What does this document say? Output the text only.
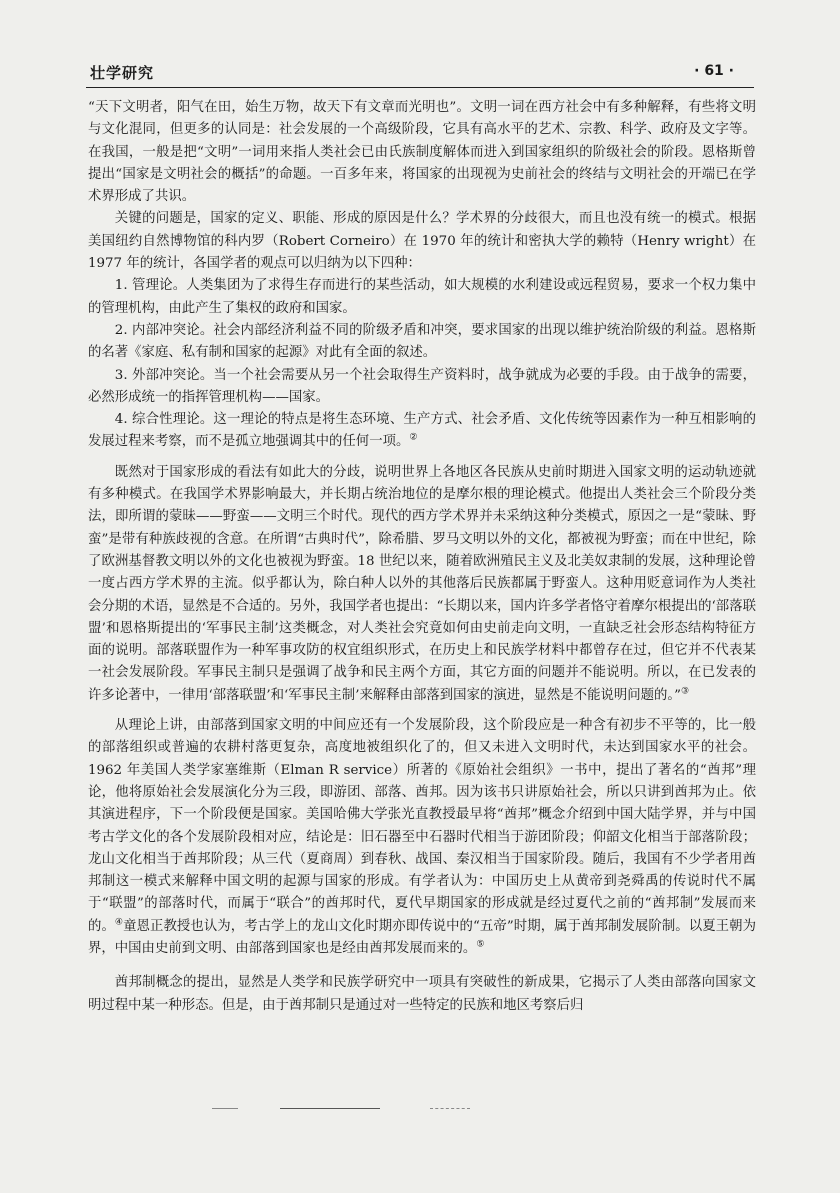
壮学研究	· 61 ·

“天下文明者，阳气在田，始生万物，故天下有文章而光明也”。文明一词在西方社会中有多种解释，有些将文明与文化混同，但更多的认同是：社会发展的一个高级阶段，它具有高水平的艺术、宗教、科学、政府及文字等。在我国，一般是把“文明”一词用来指人类社会已由氏族制度解体而进入到国家组织的阶级社会的阶段。恩格斯曾提出“国家是文明社会的概括”的命题。一百多年来，将国家的出现视为史前社会的终结与文明社会的开端已在学术界形成了共识。

关键的问题是，国家的定义、职能、形成的原因是什么？学术界的分歧很大，而且也没有统一的模式。根据美国纽约自然博物馆的科内罗（Robert Corneiro）在 1970 年的统计和密执大学的赖特（Henry wright）在 1977 年的统计，各国学者的观点可以归纳为以下四种：

1. 管理论。人类集团为了求得生存而进行的某些活动，如大规模的水利建设或远程贸易，要求一个权力集中的管理机构，由此产生了集权的政府和国家。

2. 内部冲突论。社会内部经济利益不同的阶级矛盾和冲突，要求国家的出现以维护统治阶级的利益。恩格斯的名著《家庭、私有制和国家的起源》对此有全面的叙述。

3. 外部冲突论。当一个社会需要从另一个社会取得生产资料时，战争就成为必要的手段。由于战争的需要，必然形成统一的指挥管理机构——国家。

4. 综合性理论。这一理论的特点是将生态环境、生产方式、社会矛盾、文化传统等因素作为一种互相影响的发展过程来考察，而不是孤立地强调其中的任何一项。②

既然对于国家形成的看法有如此大的分歧，说明世界上各地区各民族从史前时期进入国家文明的运动轨迹就有多种模式。在我国学术界影响最大，并长期占统治地位的是摩尔根的理论模式。他提出人类社会三个阶段分类法，即所谓的蒙昧——野蛮——文明三个时代。现代的西方学术界并未采纳这种分类模式，原因之一是“蒙昧、野蛮”是带有种族歧视的含意。在所谓“古典时代”，除希腊、罗马文明以外的文化，都被视为野蛮；而在中世纪，除了欧洲基督教文明以外的文化也被视为野蛮。18 世纪以来，随着欧洲殖民主义及北美奴隶制的发展，这种理论曾一度占西方学术界的主流。似乎都认为，除白种人以外的其他落后民族都属于野蛮人。这种用贬意词作为人类社会分期的术语，显然是不合适的。另外，我国学者也提出：“长期以来，国内许多学者恪守着摩尔根提出的‘部落联盟’和恩格斯提出的‘军事民主制’这类概念，对人类社会究竟如何由史前走向文明，一直缺乏社会形态结构特征方面的说明。部落联盟作为一种军事攻防的权宜组织形式，在历史上和民族学材料中都曾存在过，但它并不代表某一社会发展阶段。军事民主制只是强调了战争和民主两个方面，其它方面的问题并不能说明。所以，在已发表的许多论著中，一律用‘部落联盟’和‘军事民主制’来解释由部落到国家的演进，显然是不能说明问题的。”③

从理论上讲，由部落到国家文明的中间应还有一个发展阶段，这个阶段应是一种含有初步不平等的，比一般的部落组织或普遍的农耕村落更复杂，高度地被组织化了的，但又未进入文明时代，未达到国家水平的社会。1962 年美国人类学家塞维斯（Elman R service）所著的《原始社会组织》一书中，提出了著名的“酋邦”理论，他将原始社会发展演化分为三段，即游团、部落、酋邦。因为该书只讲原始社会，所以只讲到酋邦为止。依其演进程序，下一个阶段便是国家。美国哈佛大学张光直教授最早将“酋邦”概念介绍到中国大陆学界，并与中国考古学文化的各个发展阶段相对应，结论是：旧石器至中石器时代相当于游团阶段；仰韶文化相当于部落阶段；龙山文化相当于酋邦阶段；从三代（夏商周）到春秋、战国、秦汉相当于国家阶段。随后，我国有不少学者用酋邦制这一模式来解释中国文明的起源与国家的形成。有学者认为：中国历史上从黄帝到尧舜禹的传说时代不属于“联盟”的部落时代，而属于“联合”的酋邦时代，夏代早期国家的形成就是经过夏代之前的“酋邦制”发展而来的。④童恩正教授也认为，考古学上的龙山文化时期亦即传说中的“五帝”时期，属于酋邦制发展阶制。以夏王朝为界，中国由史前到文明、由部落到国家也是经由酋邦发展而来的。⑤

酋邦制概念的提出，显然是人类学和民族学研究中一项具有突破性的新成果，它揭示了人类由部落向国家文明过程中某一种形态。但是，由于酋邦制只是通过对一些特定的民族和地区考察后归
